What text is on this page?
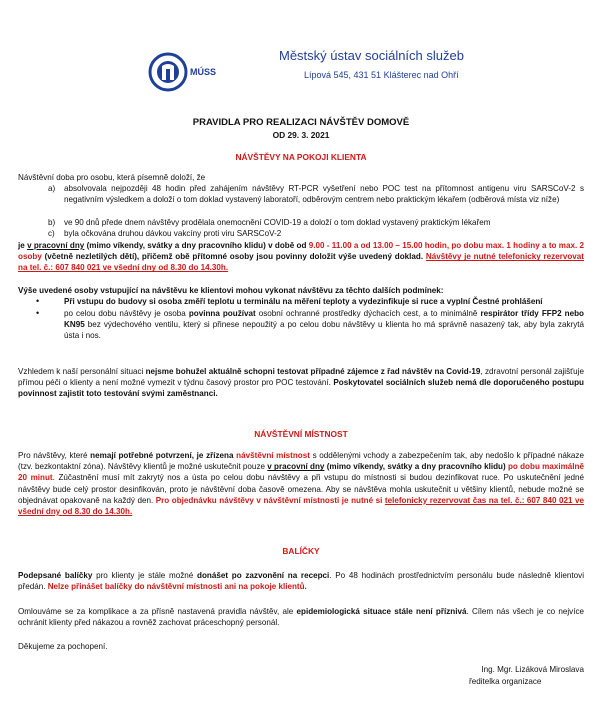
MÚSS
Městský ústav sociálních služeb
Lípová 545, 431 51 Klášterec nad Ohří
PRAVIDLA PRO REALIZACI NÁVŠTĚV DOMOVĚ
OD 29. 3. 2021
NÁVŠTĚVY NA POKOJI KLIENTA
Návštěvní doba pro osobu, která písemně doloží, že
a) absolvovala nejpozději 48 hodin před zahájením návštěvy RT-PCR vyšetření nebo POC test na přítomnost antigenu viru SARSCoV-2 s negativním výsledkem a doloží o tom doklad vystavený laboratoří, odběrovým centrem nebo praktickým lékařem (odběrová místa viz níže)
b) ve 90 dnů přede dnem návštěvy prodělala onemocnění COVID-19 a doloží o tom doklad vystavený praktickým lékařem
c) byla očkována druhou dávkou vakcíny proti viru SARSCoV-2
je v pracovní dny (mimo víkendy, svátky a dny pracovního klidu) v době od 9.00 - 11.00 a od 13.00 – 15.00 hodin, po dobu max. 1 hodiny a to max. 2 osoby (včetně nezletilých dětí), přičemž obě přítomné osoby jsou povinny doložit výše uvedený doklad. Návštěvy je nutné telefonicky rezervovat na tel. č.: 607 840 021 ve všední dny od 8.30 do 14.30h.
Výše uvedené osoby vstupující na návštěvu ke klientovi mohou vykonat návštěvu za těchto dalších podmínek:
•	Při vstupu do budovy si osoba změří teplotu u terminálu na měření teploty a vydezinfikuje si ruce a vyplní Čestné prohlášení
•	po celou dobu návštěvy je osoba povinna používat osobní ochranné prostředky dýchacích cest, a to minimálně respirátor třídy FFP2 nebo KN95 bez výdechového ventilu, který si přinese nepoužitý a po celou dobu návštěvy u klienta ho má správně nasazený tak, aby byla zakrytá ústa i nos.
Vzhledem k naší personální situaci nejsme bohužel aktuálně schopni testovat případné zájemce z řad návštěv na Covid-19, zdravotní personál zajišťuje přímou péči o klienty a není možné vymezit v týdnu časový prostor pro POC testování. Poskytovatel sociálních služeb nemá dle doporučeného postupu povinnost zajistit toto testování svými zaměstnanci.
NÁVŠTĚVNÍ MÍSTNOST
Pro návštěvy, které nemají potřebné potvrzení, je zřízena návštěvní místnost s oddělenými vchody a zabezpečením tak, aby nedošlo k případné nákaze (tzv. bezkontaktní zóna). Návštěvy klientů je možné uskutečnit pouze v pracovní dny (mimo víkendy, svátky a dny pracovního klidu) po dobu maximálně 20 minut. Zúčastnění musí mít zakrytý nos a ústa po celou dobu návštěvy a při vstupu do místnosti si budou dezinfikovat ruce. Po uskutečnění jedné návštěvy bude celý prostor desinfikován, proto je návštěvní doba časově omezena. Aby se návštěva mohla uskutečnit u většiny klientů, nebude možné se objednávat opakovaně na každý den. Pro objednávku návštěvy v návštěvní místnosti je nutné si telefonicky rezervovat čas na tel. č.: 607 840 021 ve všední dny od 8.30 do 14.30h.
BALÍČKY
Podepsané balíčky pro klienty je stále možné donášet po zazvonění na recepci. Po 48 hodinách prostřednictvím personálu bude následně klientovi předán. Nelze přinášet balíčky do návštěvní místnosti ani na pokoje klientů.
Omlouváme se za komplikace a za přísně nastavená pravidla návštěv, ale epidemiologická situace stále není příznivá. Cílem nás všech je co nejvíce ochránit klienty před nákazou a rovněž zachovat práceschopný personál.
Děkujeme za pochopení.
Ing. Mgr. Lizáková Miroslava
ředitelka organizace
